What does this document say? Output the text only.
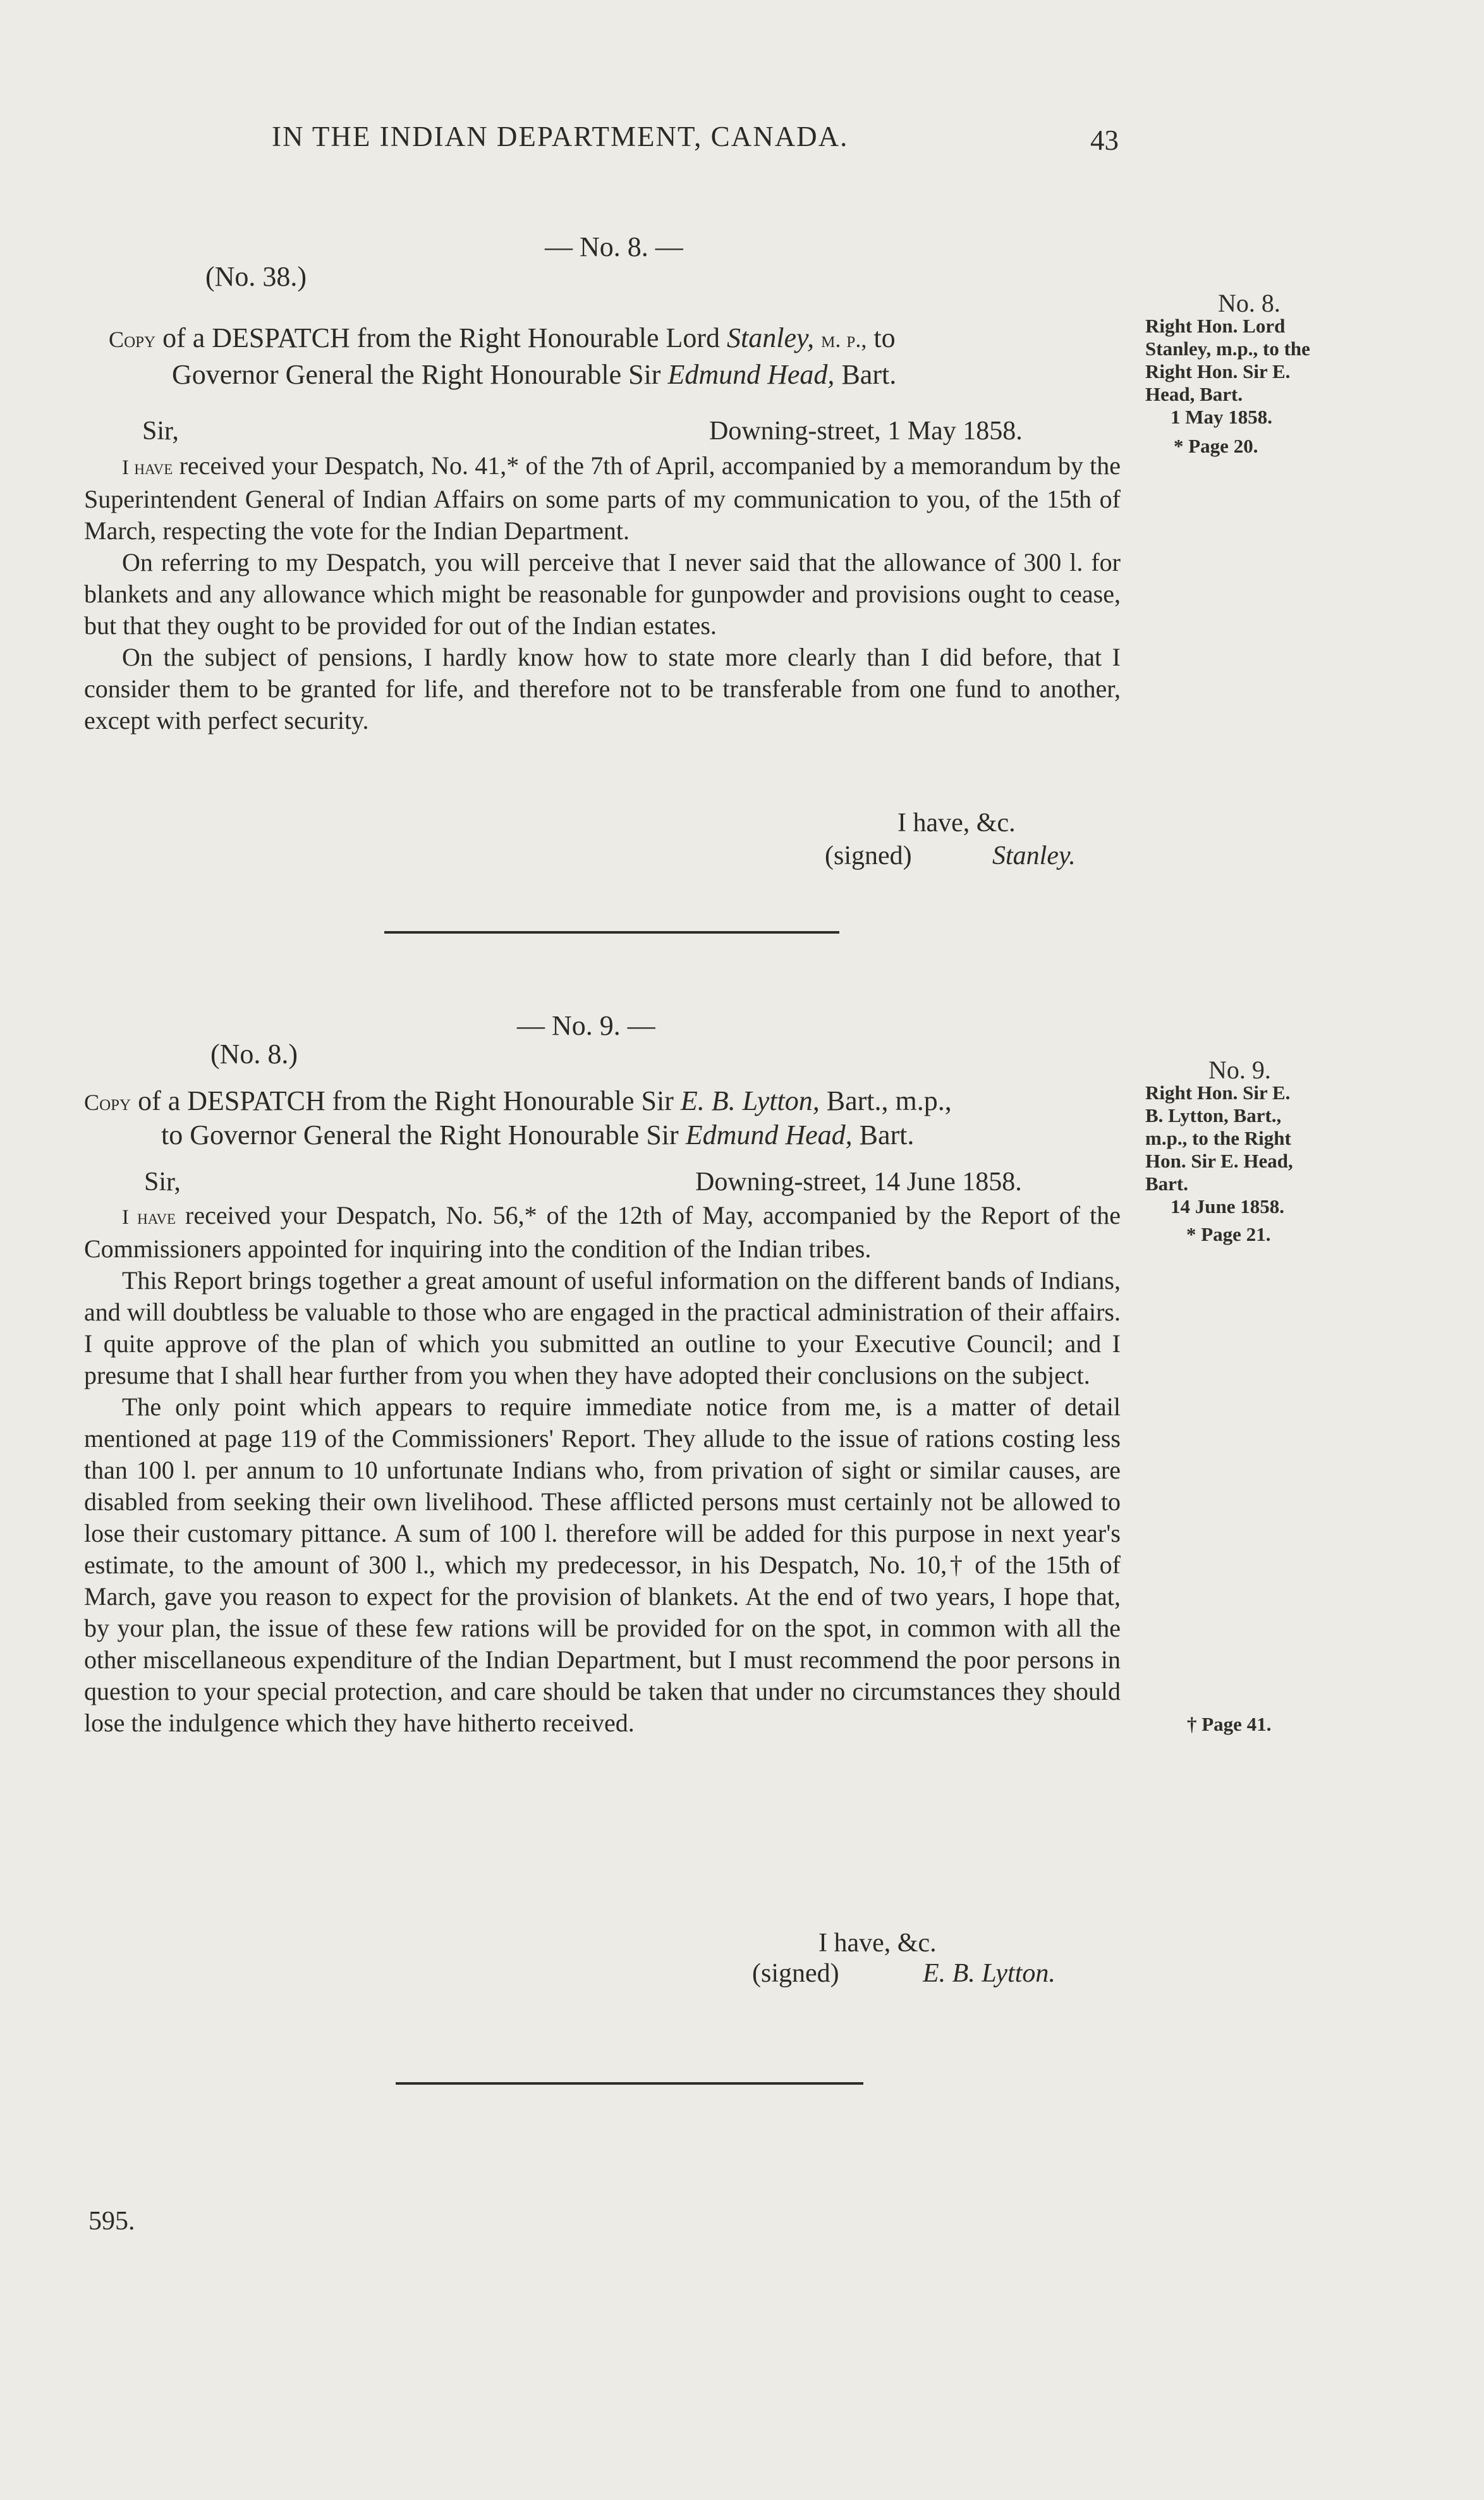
IN THE INDIAN DEPARTMENT, CANADA.	43
— No. 8. —
(No. 38.)
Copy of a DESPATCH from the Right Honourable Lord Stanley, m. p., to
Governor General the Right Honourable Sir Edmund Head, Bart.
Sir,	Downing-street, 1 May 1858.

I have received your Despatch, No. 41,* of the 7th of April, accompanied by a memorandum by the Superintendent General of Indian Affairs on some parts of my communication to you, of the 15th of March, respecting the vote for the Indian Department.

On referring to my Despatch, you will perceive that I never said that the allowance of 300 l. for blankets and any allowance which might be reasonable for gunpowder and provisions ought to cease, but that they ought to be provided for out of the Indian estates.

On the subject of pensions, I hardly know how to state more clearly than I did before, that I consider them to be granted for life, and therefore not to be transferable from one fund to another, except with perfect security.

I have, &c.
(signed)	Stanley.
No. 8.
Right Hon. Lord
Stanley, m.p., to the
Right Hon. Sir E.
Head, Bart.
1 May 1858.
* Page 20.
— No. 9. —
(No. 8.)
Copy of a DESPATCH from the Right Honourable Sir E. B. Lytton, Bart., m.p.,
to Governor General the Right Honourable Sir Edmund Head, Bart.
Sir,	Downing-street, 14 June 1858.

I have received your Despatch, No. 56,* of the 12th of May, accompanied by the Report of the Commissioners appointed for inquiring into the condition of the Indian tribes.

This Report brings together a great amount of useful information on the different bands of Indians, and will doubtless be valuable to those who are engaged in the practical administration of their affairs. I quite approve of the plan of which you submitted an outline to your Executive Council; and I presume that I shall hear further from you when they have adopted their conclusions on the subject.

The only point which appears to require immediate notice from me, is a matter of detail mentioned at page 119 of the Commissioners' Report. They allude to the issue of rations costing less than 100 l. per annum to 10 unfortunate Indians who, from privation of sight or similar causes, are disabled from seeking their own livelihood. These afflicted persons must certainly not be allowed to lose their customary pittance. A sum of 100 l. therefore will be added for this purpose in next year's estimate, to the amount of 300 l., which my predecessor, in his Despatch, No. 10,† of the 15th of March, gave you reason to expect for the provision of blankets. At the end of two years, I hope that, by your plan, the issue of these few rations will be provided for on the spot, in common with all the other miscellaneous expenditure of the Indian Department, but I must recommend the poor persons in question to your special protection, and care should be taken that under no circumstances they should lose the indulgence which they have hitherto received.

I have, &c.
(signed)	E. B. Lytton.
No. 9.
Right Hon. Sir E.
B. Lytton, Bart.,
m.p., to the Right
Hon. Sir E. Head,
Bart.
14 June 1858.
* Page 21.
† Page 41.
595.
